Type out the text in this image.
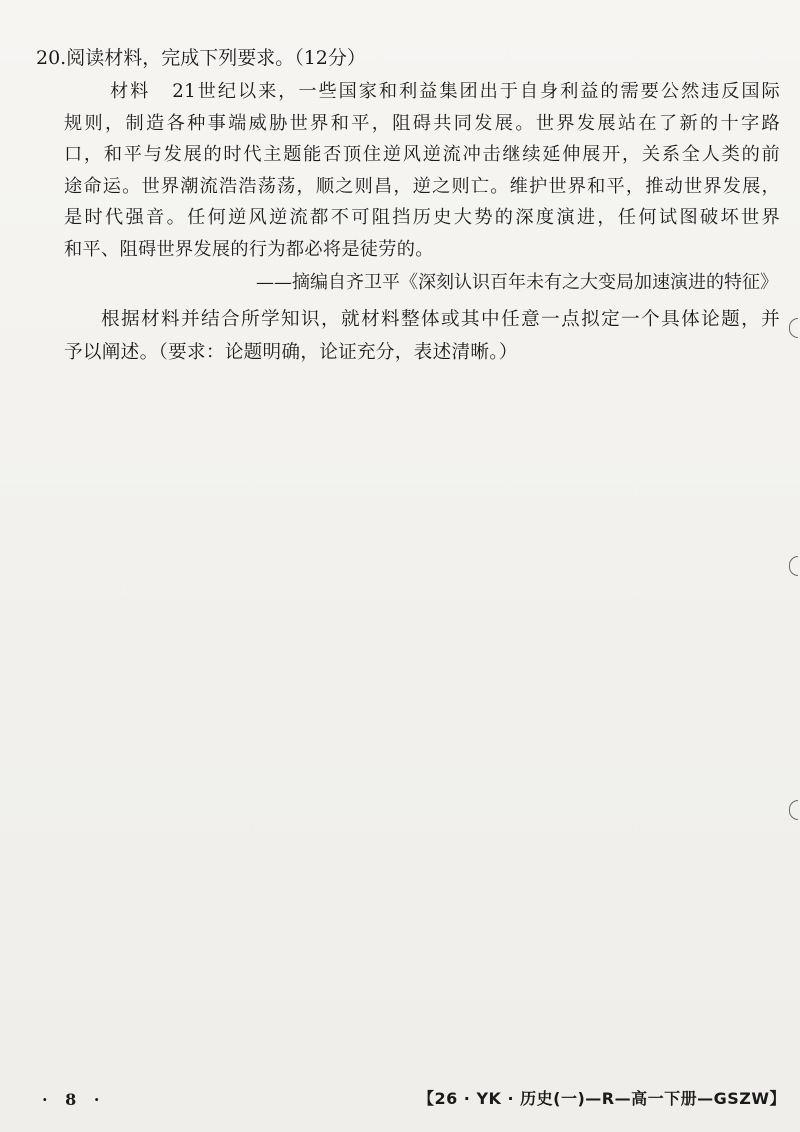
20.阅读材料，完成下列要求。（12分）
材料 21世纪以来，一些国家和利益集团出于自身利益的需要公然违反国际
规则，制造各种事端威胁世界和平，阻碍共同发展。世界发展站在了新的十字路
口，和平与发展的时代主题能否顶住逆风逆流冲击继续延伸展开，关系全人类的前
途命运。世界潮流浩浩荡荡，顺之则昌，逆之则亡。维护世界和平，推动世界发展，
是时代强音。任何逆风逆流都不可阻挡历史大势的深度演进，任何试图破坏世界
和平、阻碍世界发展的行为都必将是徒劳的。
——摘编自齐卫平《深刻认识百年未有之大变局加速演进的特征》
根据材料并结合所学知识，就材料整体或其中任意一点拟定一个具体论题，并
予以阐述。（要求：论题明确，论证充分，表述清晰。）
· 8 ·	【26 · YK · 历史(一)—R—高一下册—GSZW】
